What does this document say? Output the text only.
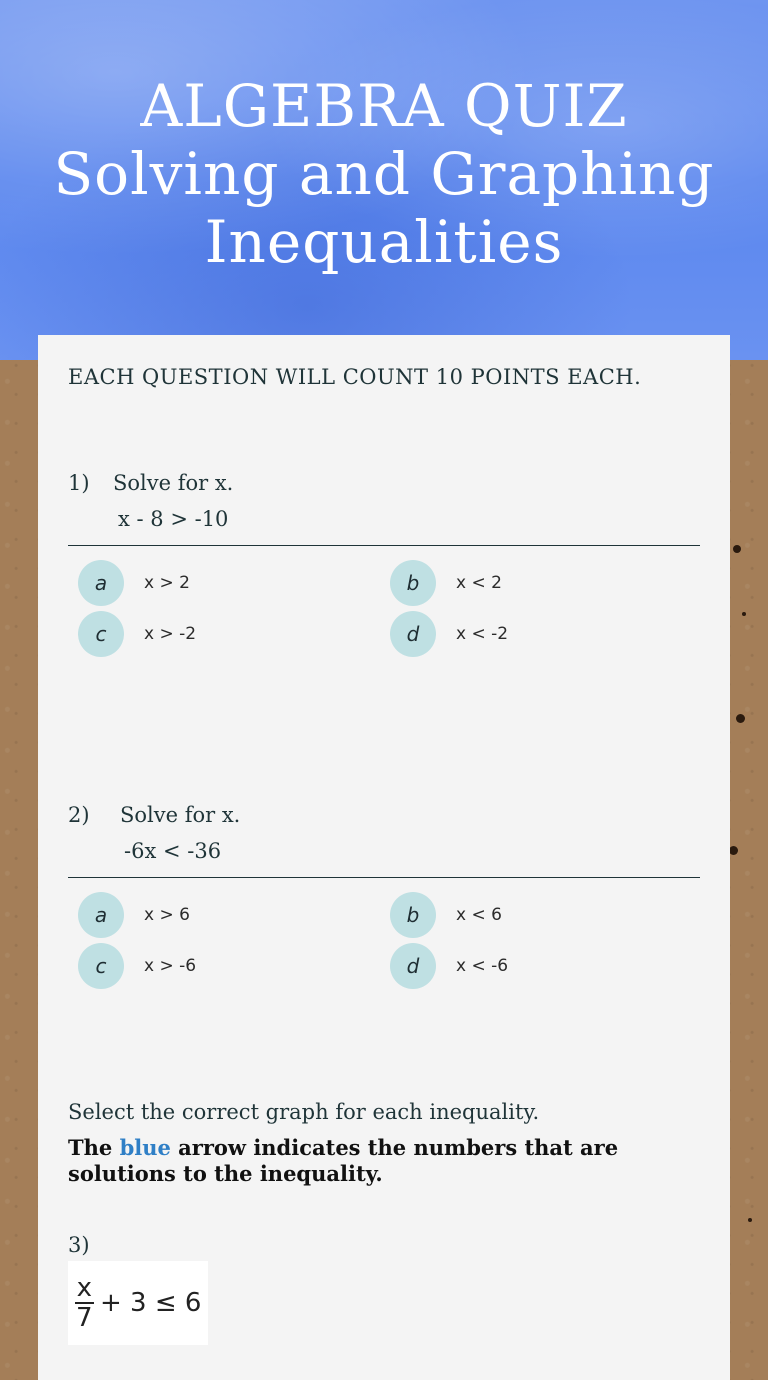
ALGEBRA QUIZ
Solving and Graphing
Inequalities
EACH QUESTION WILL COUNT 10 POINTS EACH.
1) Solve for x.
x - 8 > -10
a	x > 2	b	x < 2
c	x > -2	d	x < -2
2) Solve for x.
-6x < -36
a	x > 6	b	x < 6
c	x > -6	d	x < -6
Select the correct graph for each inequality.
The blue arrow indicates the numbers that are solutions to the inequality.
3)
$\frac{x}{7} + 3 \le 6$
